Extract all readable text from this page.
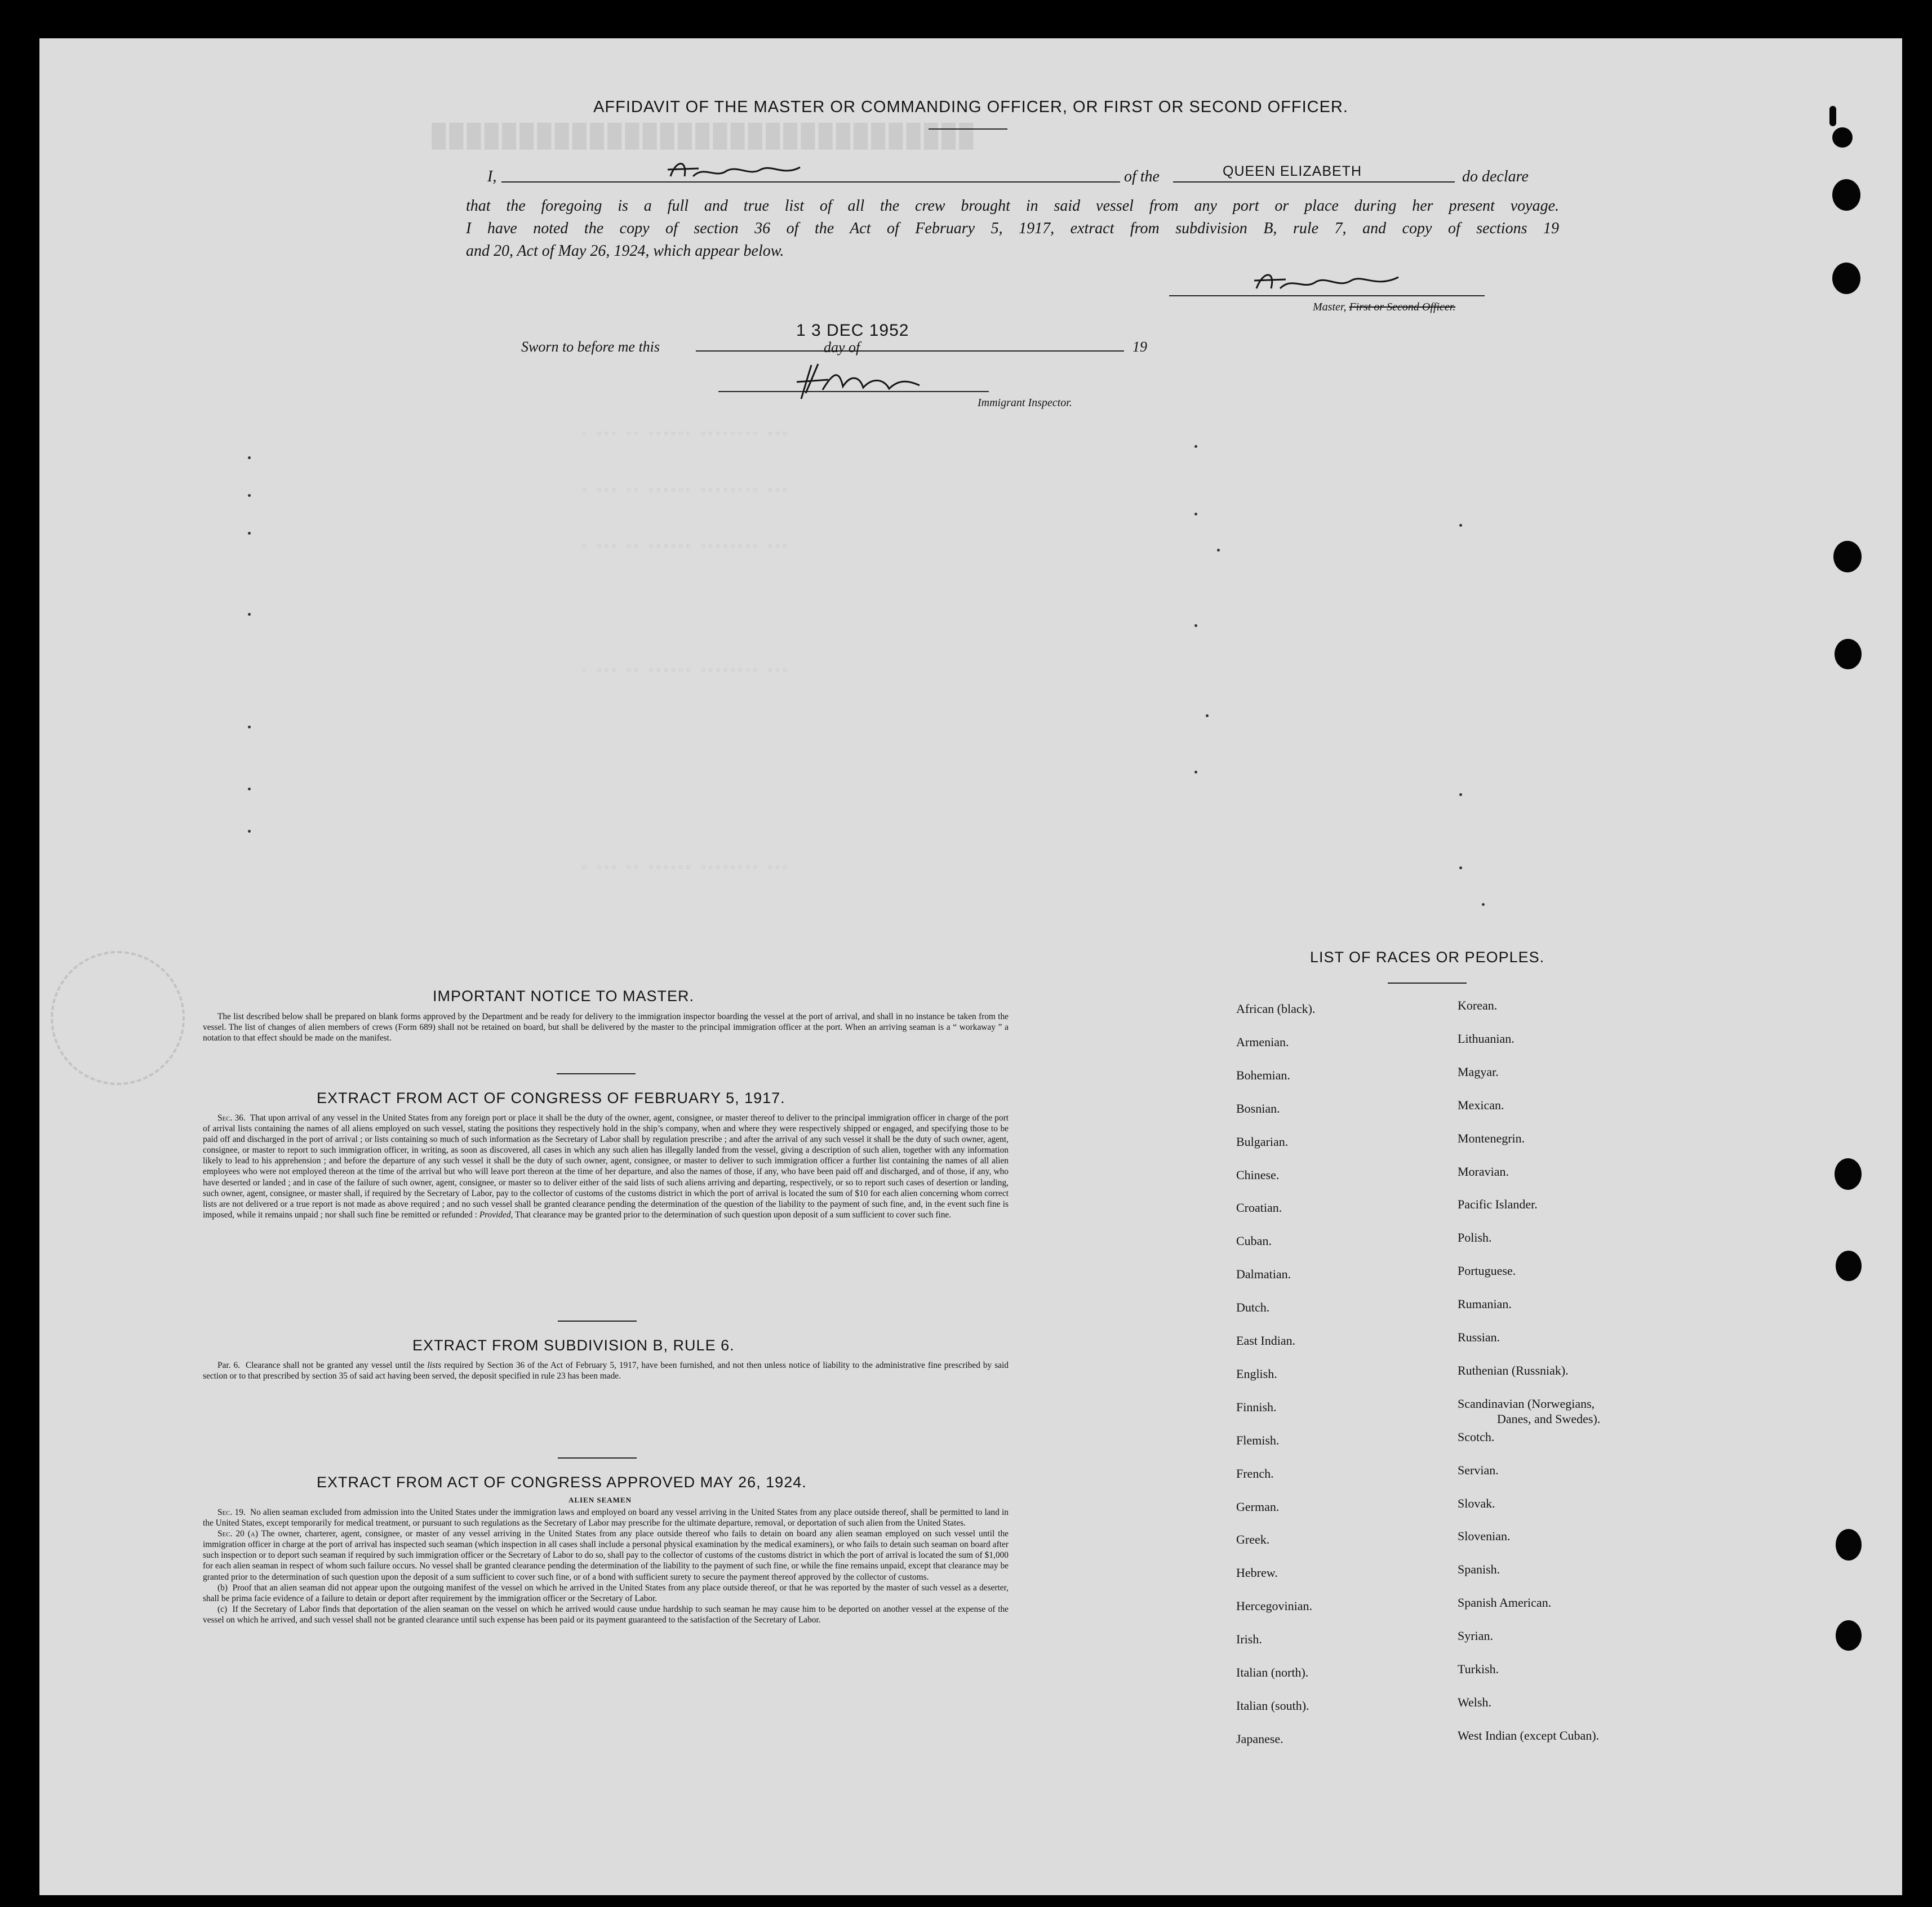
███████████████████████████████
▫ ▫▫▫ ▫▫ ▫▫▫▫▫▫ ▫▫▫▫▫▫▫▫ ▫▫▫
▫ ▫▫▫ ▫▫ ▫▫▫▫▫▫ ▫▫▫▫▫▫▫▫ ▫▫▫
▫ ▫▫▫ ▫▫ ▫▫▫▫▫▫ ▫▫▫▫▫▫▫▫ ▫▫▫
▫ ▫▫▫ ▫▫ ▫▫▫▫▫▫ ▫▫▫▫▫▫▫▫ ▫▫▫
▫ ▫▫▫ ▫▫ ▫▫▫▫▫▫ ▫▫▫▫▫▫▫▫ ▫▫▫
AFFIDAVIT OF THE MASTER OR COMMANDING OFFICER, OR FIRST OR SECOND OFFICER.
I,	of the	QUEEN ELIZABETH	do declare
that the foregoing is a full and true list of all the crew brought in said vessel from any port or place during her present voyage.
I have noted the copy of section 36 of the Act of February 5, 1917, extract from subdivision B, rule 7, and copy of sections 19
and 20, Act of May 26, 1924, which appear below.
Master, First or Second Officer.
Sworn to before me this
1 3 DEC 1952
day of	19
Immigrant Inspector.
IMPORTANT NOTICE TO MASTER.

The list described below shall be prepared on blank forms approved by the Department and be ready for delivery to the immigration inspector boarding the vessel at the port of arrival, and shall in no instance be taken from the vessel. The list of changes of alien members of crews (Form 689) shall not be retained on board, but shall be delivered by the master to the principal immigration officer at the port. When an arriving seaman is a “ workaway ” a notation to that effect should be made on the manifest.

EXTRACT FROM ACT OF CONGRESS OF FEBRUARY 5, 1917.

Sec. 36. That upon arrival of any vessel in the United States from any foreign port or place it shall be the duty of the owner, agent, consignee, or master thereof to deliver to the principal immigration officer in charge of the port of arrival lists containing the names of all aliens employed on such vessel, stating the positions they respectively hold in the ship’s company, when and where they were respectively shipped or engaged, and specifying those to be paid off and discharged in the port of arrival ; or lists containing so much of such information as the Secretary of Labor shall by regulation prescribe ; and after the arrival of any such vessel it shall be the duty of such owner, agent, consignee, or master to report to such immigration officer, in writing, as soon as discovered, all cases in which any such alien has illegally landed from the vessel, giving a description of such alien, together with any information likely to lead to his apprehension ; and before the departure of any such vessel it shall be the duty of such owner, agent, consignee, or master to deliver to such immigration officer a further list containing the names of all alien employees who were not employed thereon at the time of the arrival but who will leave port thereon at the time of her departure, and also the names of those, if any, who have been paid off and discharged, and of those, if any, who have deserted or landed ; and in case of the failure of such owner, agent, consignee, or master so to deliver either of the said lists of such aliens arriving and departing, respectively, or so to report such cases of desertion or landing, such owner, agent, consignee, or master shall, if required by the Secretary of Labor, pay to the collector of customs of the customs district in which the port of arrival is located the sum of $10 for each alien concerning whom correct lists are not delivered or a true report is not made as above required ; and no such vessel shall be granted clearance pending the determination of the question of the liability to the payment of such fine, and, in the event such fine is imposed, while it remains unpaid ; nor shall such fine be remitted or refunded : Provided, That clearance may be granted prior to the determination of such question upon deposit of a sum sufficient to cover such fine.

EXTRACT FROM SUBDIVISION B, RULE 6.

Par. 6. Clearance shall not be granted any vessel until the lists required by Section 36 of the Act of February 5, 1917, have been furnished, and not then unless notice of liability to the administrative fine prescribed by said section or to that prescribed by section 35 of said act having been served, the deposit specified in rule 23 has been made.

EXTRACT FROM ACT OF CONGRESS APPROVED MAY 26, 1924.
ALIEN SEAMEN

Sec. 19. No alien seaman excluded from admission into the United States under the immigration laws and employed on board any vessel arriving in the United States from any place outside thereof, shall be permitted to land in the United States, except temporarily for medical treatment, or pursuant to such regulations as the Secretary of Labor may prescribe for the ultimate departure, removal, or deportation of such alien from the United States.

Sec. 20 (a) The owner, charterer, agent, consignee, or master of any vessel arriving in the United States from any place outside thereof who fails to detain on board any alien seaman employed on such vessel until the immigration officer in charge at the port of arrival has inspected such seaman (which inspection in all cases shall include a personal physical examination by the medical examiners), or who fails to detain such seaman on board after such inspection or to deport such seaman if required by such immigration officer or the Secretary of Labor to do so, shall pay to the collector of customs of the customs district in which the port of arrival is located the sum of $1,000 for each alien seaman in respect of whom such failure occurs. No vessel shall be granted clearance pending the determination of the liability to the payment of such fine, or while the fine remains unpaid, except that clearance may be granted prior to the determination of such question upon the deposit of a sum sufficient to cover such fine, or of a bond with sufficient surety to secure the payment thereof approved by the collector of customs.

(b) Proof that an alien seaman did not appear upon the outgoing manifest of the vessel on which he arrived in the United States from any place outside thereof, or that he was reported by the master of such vessel as a deserter, shall be prima facie evidence of a failure to detain or deport after requirement by the immigration officer or the Secretary of Labor.

(c) If the Secretary of Labor finds that deportation of the alien seaman on the vessel on which he arrived would cause undue hardship to such seaman he may cause him to be deported on another vessel at the expense of the vessel on which he arrived, and such vessel shall not be granted clearance until such expense has been paid or its payment guaranteed to the satisfaction of the Secretary of Labor.

LIST OF RACES OR PEOPLES.
African (black).
Armenian.
Bohemian.
Bosnian.
Bulgarian.
Chinese.
Croatian.
Cuban.
Dalmatian.
Dutch.
East Indian.
English.
Finnish.
Flemish.
French.
German.
Greek.
Hebrew.
Hercegovinian.
Irish.
Italian (north).
Italian (south).
Japanese.
Korean.
Lithuanian.
Magyar.
Mexican.
Montenegrin.
Moravian.
Pacific Islander.
Polish.
Portuguese.
Rumanian.
Russian.
Ruthenian (Russniak).
Scandinavian (Norwegians,
Scotch.
Servian.
Slovak.
Slovenian.
Spanish.
Spanish American.
Syrian.
Turkish.
Welsh.
West Indian (except Cuban).
Danes, and Swedes).
